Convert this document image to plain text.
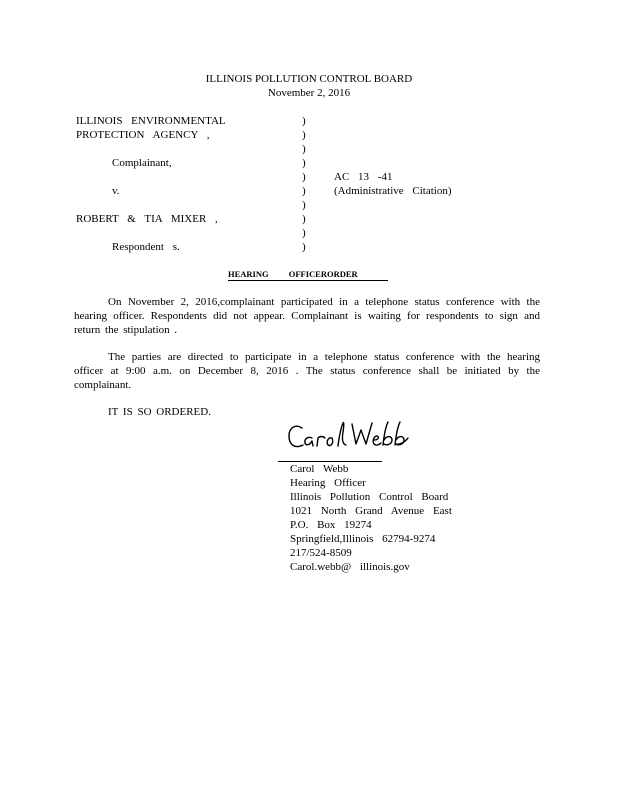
ILLINOIS POLLUTION CONTROL BOARD
November 2, 2016
ILLINOIS ENVIRONMENTAL
PROTECTION AGENCY ,
Complainant,
v.
ROBERT & TIA MIXER ,
Respondent s.
)
)
)
)
)
)
)
)
)
)
AC 13 -41
(Administrative Citation)
HEARING OFFICERORDER
On November 2, 2016,complainant participated in a telephone status conference with the hearing officer. Respondents did not appear. Complainant is waiting for respondents to sign and return the stipulation .
The parties are directed to participate in a telephone status conference with the hearing officer at 9:00 a.m. on December 8, 2016 . The status conference shall be initiated by the complainant.
IT IS SO ORDERED.
Carol Webb
Hearing Officer
Illinois Pollution Control Board
1021 North Grand Avenue East
P.O. Box 19274
Springfield,Illinois 62794-9274
217/524-8509
Carol.webb@ illinois.gov
